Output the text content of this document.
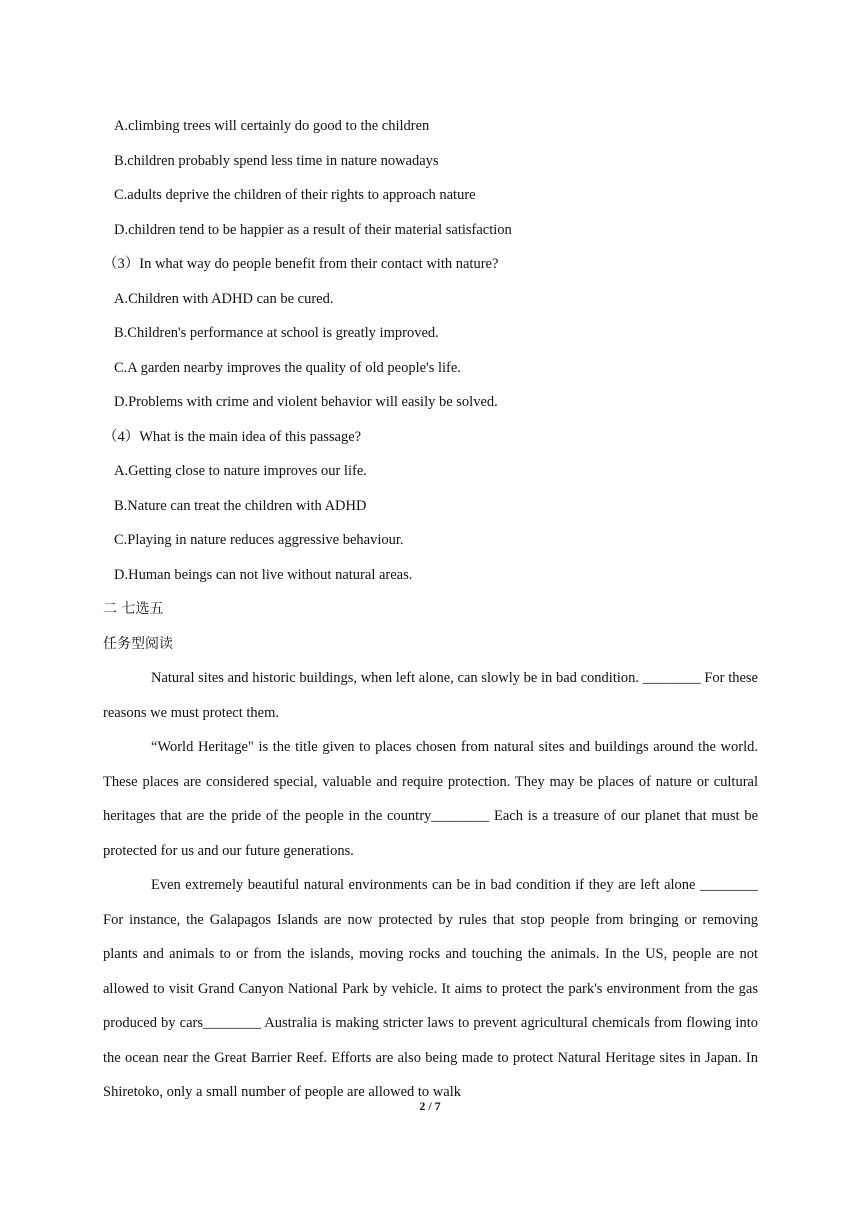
A.climbing trees will certainly do good to the children
B.children probably spend less time in nature nowadays
C.adults deprive the children of their rights to approach nature
D.children tend to be happier as a result of their material satisfaction
（3）In what way do people benefit from their contact with nature?
A.Children with ADHD can be cured.
B.Children's performance at school is greatly improved.
C.A garden nearby improves the quality of old people's life.
D.Problems with crime and violent behavior will easily be solved.
（4）What is the main idea of this passage?
A.Getting close to nature improves our life.
B.Nature can treat the children with ADHD
C.Playing in nature reduces aggressive behaviour.
D.Human beings can not live without natural areas.
二 七选五
任务型阅读

Natural sites and historic buildings, when left alone, can slowly be in bad condition. ________ For these reasons we must protect them.

“World Heritage" is the title given to places chosen from natural sites and buildings around the world. These places are considered special, valuable and require protection. They may be places of nature or cultural heritages that are the pride of the people in the country________ Each is a treasure of our planet that must be protected for us and our future generations.

Even extremely beautiful natural environments can be in bad condition if they are left alone ________ For instance, the Galapagos Islands are now protected by rules that stop people from bringing or removing plants and animals to or from the islands, moving rocks and touching the animals. In the US, people are not allowed to visit Grand Canyon National Park by vehicle. It aims to protect the park's environment from the gas produced by cars________ Australia is making stricter laws to prevent agricultural chemicals from flowing into the ocean near the Great Barrier Reef. Efforts are also being made to protect Natural Heritage sites in Japan. In Shiretoko, only a small number of people are allowed to walk

2 / 7
